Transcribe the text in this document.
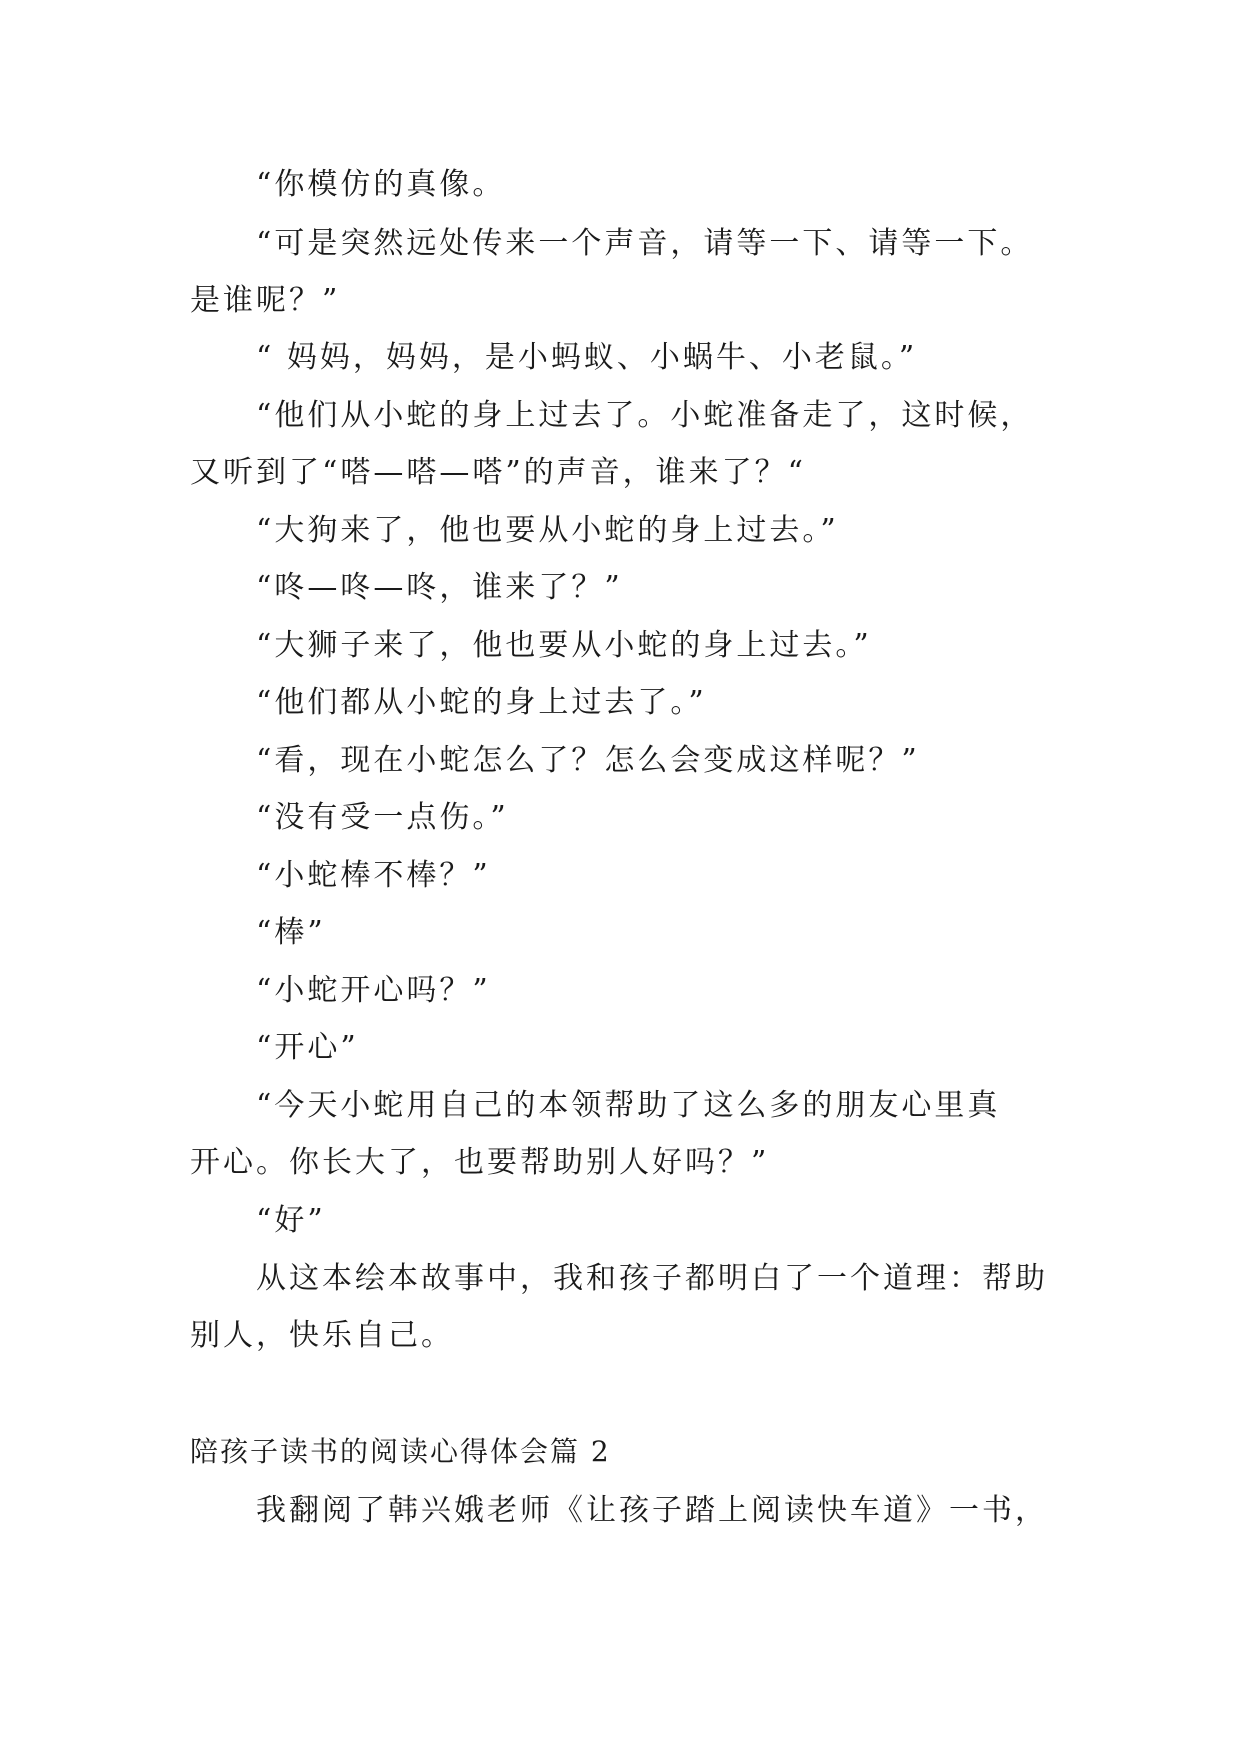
“你模仿的真像。
“可是突然远处传来一个声音，请等一下、请等一下。
是谁呢？”
“ 妈妈，妈妈，是小蚂蚁、小蜗牛、小老鼠。”
“他们从小蛇的身上过去了。小蛇准备走了，这时候，
又听到了“嗒—嗒—嗒”的声音，谁来了？“
“大狗来了，他也要从小蛇的身上过去。”
“咚—咚—咚，谁来了？”
“大狮子来了，他也要从小蛇的身上过去。”
“他们都从小蛇的身上过去了。”
“看，现在小蛇怎么了？怎么会变成这样呢？”
“没有受一点伤。”
“小蛇棒不棒？”
“棒”
“小蛇开心吗？”
“开心”
“今天小蛇用自己的本领帮助了这么多的朋友心里真
开心。你长大了，也要帮助别人好吗？”
“好”
从这本绘本故事中，我和孩子都明白了一个道理：帮助
别人，快乐自己。
陪孩子读书的阅读心得体会篇 2
我翻阅了韩兴娥老师《让孩子踏上阅读快车道》一书，
